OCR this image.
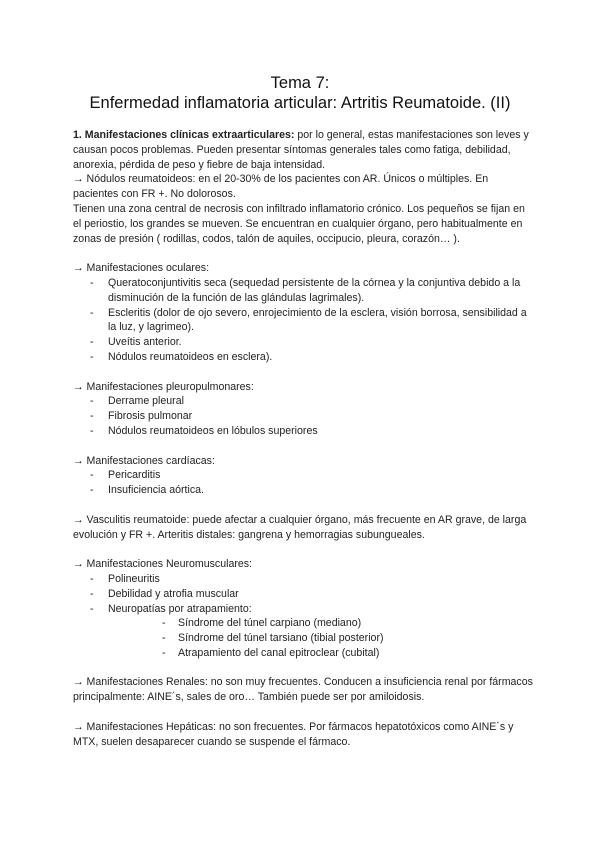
Tema 7:
Enfermedad inflamatoria articular: Artritis Reumatoide. (II)

1. Manifestaciones clínicas extraarticulares: por lo general, estas manifestaciones son leves y causan pocos problemas. Pueden presentar síntomas generales tales como fatiga, debilidad, anorexia, pérdida de peso y fiebre de baja intensidad.

→ Nódulos reumatoideos: en el 20-30% de los pacientes con AR. Únicos o múltiples. En pacientes con FR +. No dolorosos.

Tienen una zona central de necrosis con infiltrado inflamatorio crónico. Los pequeños se fijan en el periostio, los grandes se mueven. Se encuentran en cualquier órgano, pero habitualmente en zonas de presión ( rodillas, codos, talón de aquiles, occipucio, pleura, corazón… ).

→ Manifestaciones oculares:

- Queratoconjuntivitis seca (sequedad persistente de la córnea y la conjuntiva debido a la disminución de la función de las glándulas lagrimales).
- Escleritis (dolor de ojo severo, enrojecimiento de la esclera, visión borrosa, sensibilidad a la luz, y lagrimeo).
- Uveítis anterior.
- Nódulos reumatoideos en esclera).

→ Manifestaciones pleuropulmonares:

- Derrame pleural
- Fibrosis pulmonar
- Nódulos reumatoideos en lóbulos superiores

→ Manifestaciones cardíacas:

- Pericarditis
- Insuficiencia aórtica.

→ Vasculitis reumatoide: puede afectar a cualquier órgano, más frecuente en AR grave, de larga evolución y FR +. Arteritis distales: gangrena y hemorragias subungueales.

→ Manifestaciones Neuromusculares:

- Polineuritis
- Debilidad y atrofia muscular
- Neuropatías por atrapamiento:
- Síndrome del túnel carpiano (mediano)
- Síndrome del túnel tarsiano (tibial posterior)
- Atrapamiento del canal epitroclear (cubital)

→ Manifestaciones Renales: no son muy frecuentes. Conducen a insuficiencia renal por fármacos principalmente: AINE´s, sales de oro… También puede ser por amiloidosis.

→ Manifestaciones Hepáticas: no son frecuentes. Por fármacos hepatotóxicos como AINE´s y MTX, suelen desaparecer cuando se suspende el fármaco.
